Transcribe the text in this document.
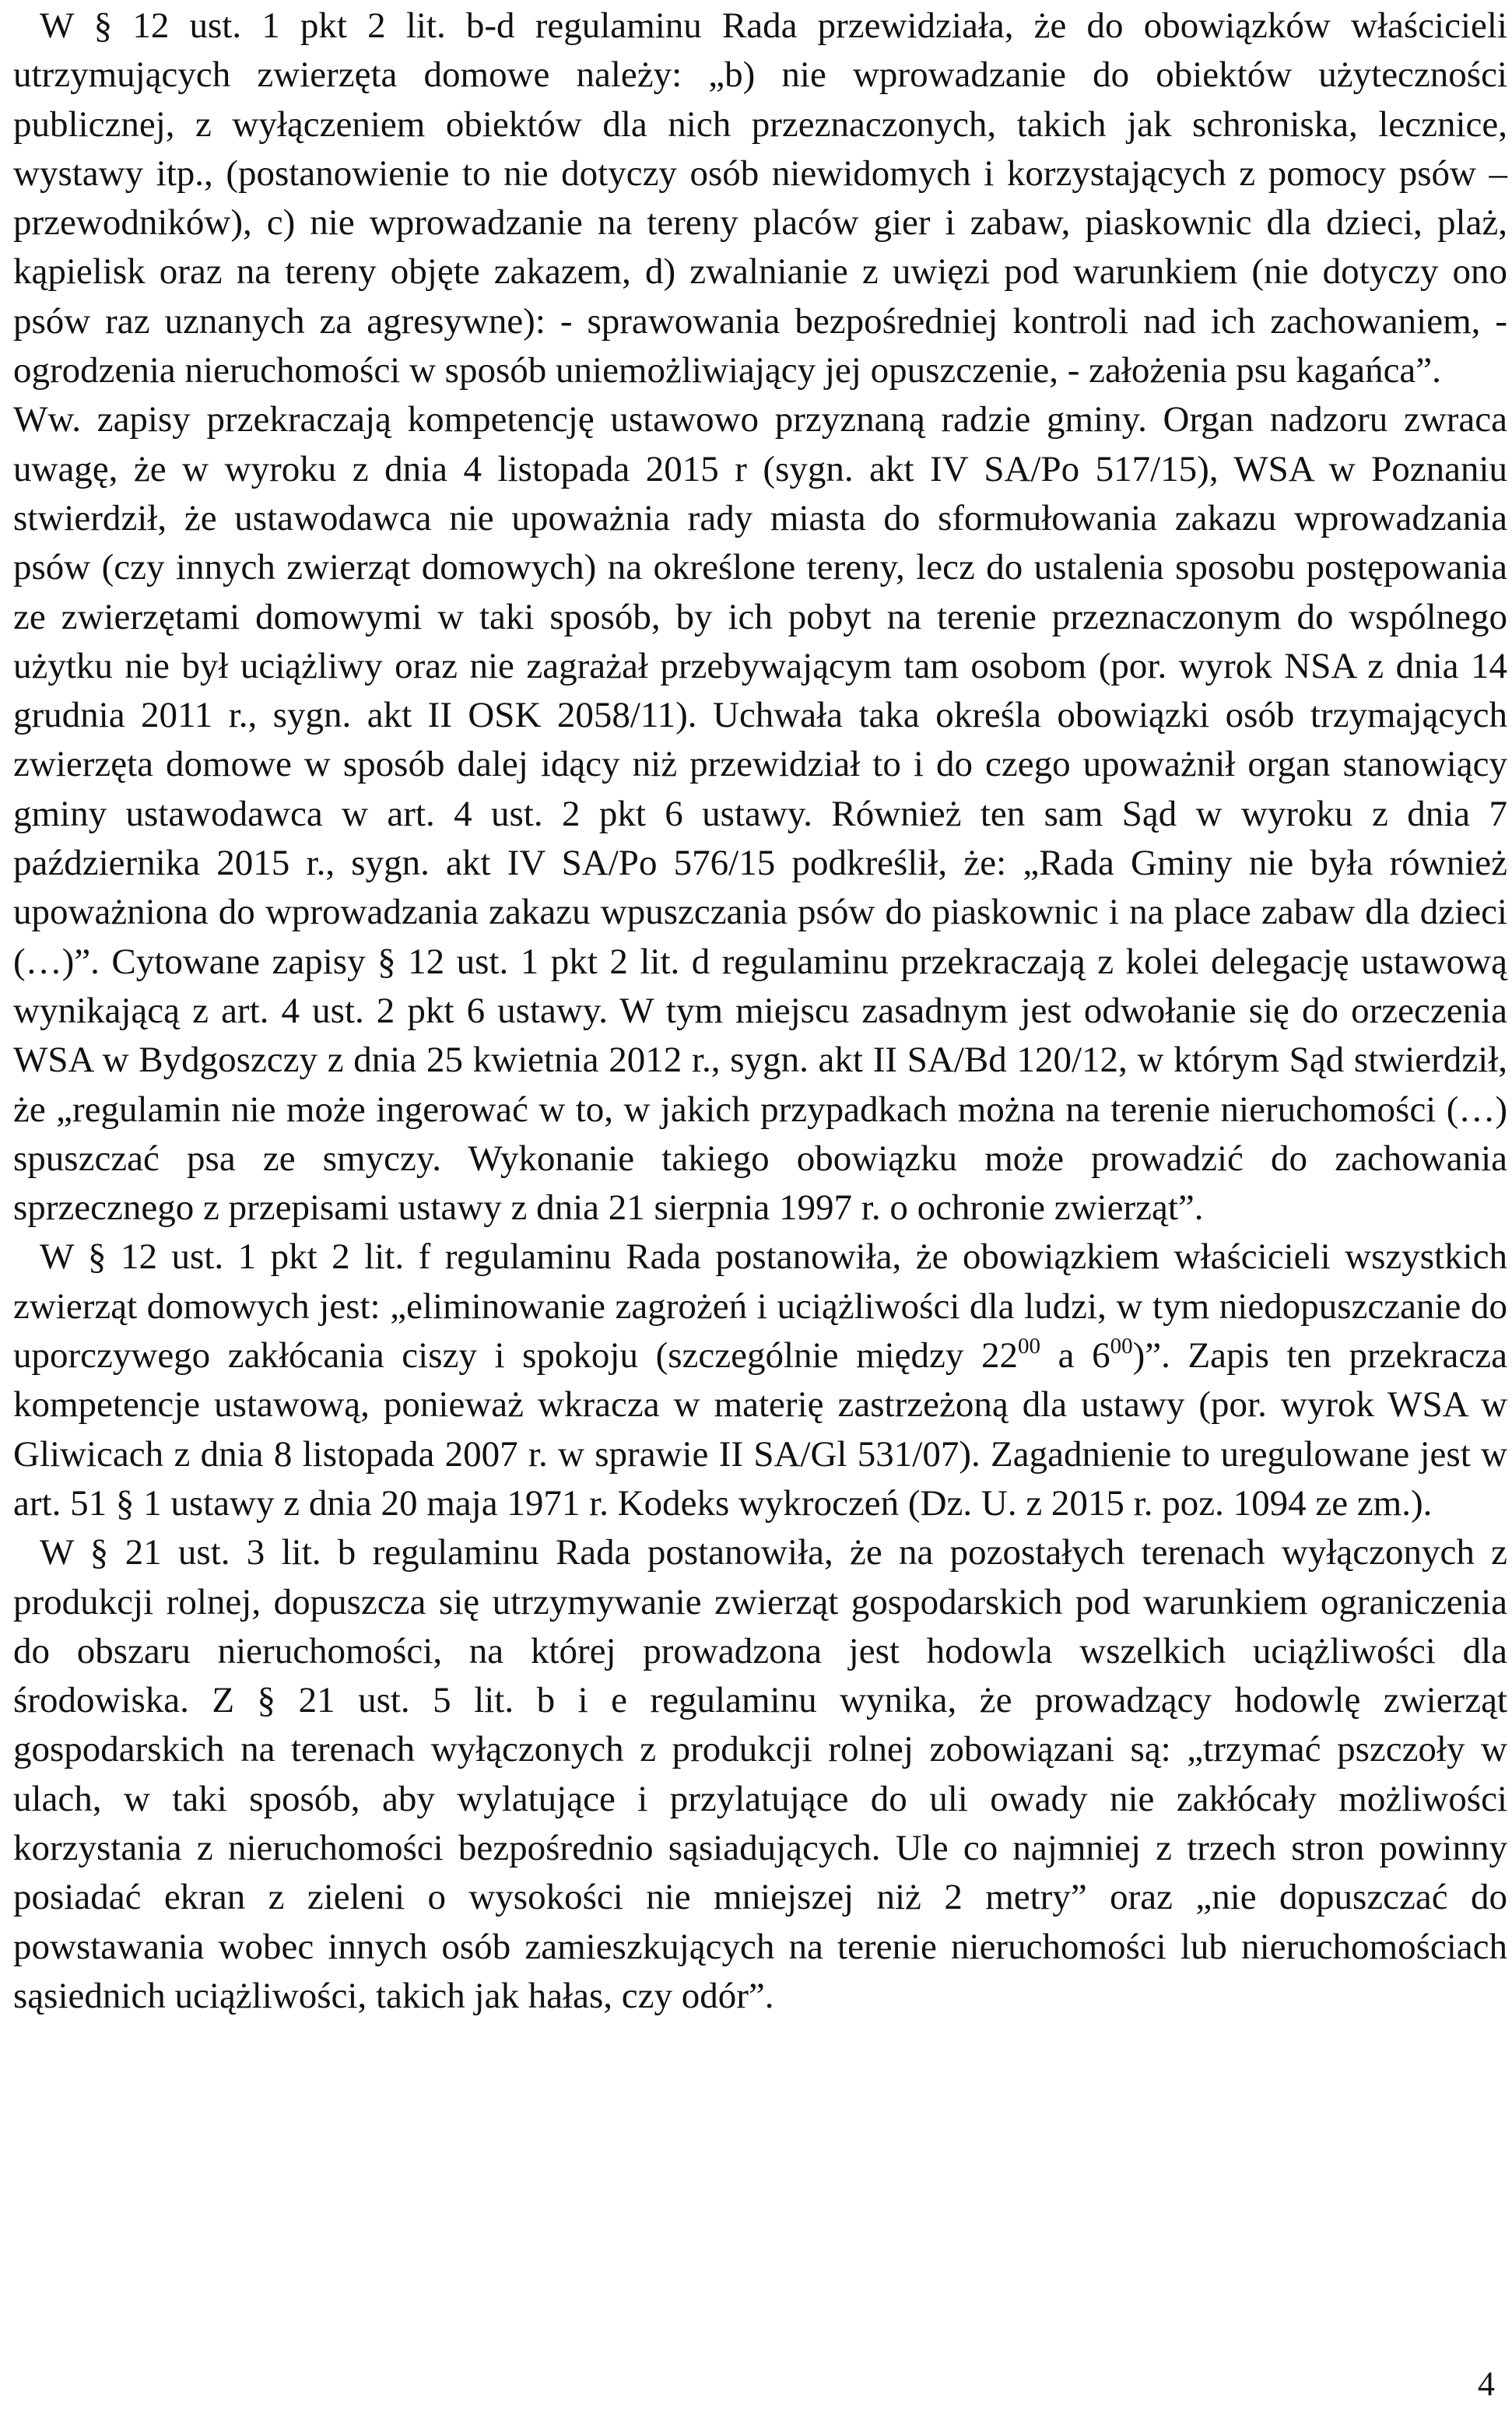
W § 12 ust. 1 pkt 2 lit. b-d regulaminu Rada przewidziała, że do obowiązków właścicieli utrzymujących zwierzęta domowe należy: „b) nie wprowadzanie do obiektów użyteczności publicznej, z wyłączeniem obiektów dla nich przeznaczonych, takich jak schroniska, lecznice, wystawy itp., (postanowienie to nie dotyczy osób niewidomych i korzystających z pomocy psów – przewodników), c) nie wprowadzanie na tereny placów gier i zabaw, piaskownic dla dzieci, plaż, kąpielisk oraz na tereny objęte zakazem, d) zwalnianie z uwięzi pod warunkiem (nie dotyczy ono psów raz uznanych za agresywne): - sprawowania bezpośredniej kontroli nad ich zachowaniem, - ogrodzenia nieruchomości w sposób uniemożliwiający jej opuszczenie, - założenia psu kagańca”.

Ww. zapisy przekraczają kompetencję ustawowo przyznaną radzie gminy. Organ nadzoru zwraca uwagę, że w wyroku z dnia 4 listopada 2015 r (sygn. akt IV SA/Po 517/15), WSA w Poznaniu stwierdził, że ustawodawca nie upoważnia rady miasta do sformułowania zakazu wprowadzania psów (czy innych zwierząt domowych) na określone tereny, lecz do ustalenia sposobu postępowania ze zwierzętami domowymi w taki sposób, by ich pobyt na terenie przeznaczonym do wspólnego użytku nie był uciążliwy oraz nie zagrażał przebywającym tam osobom (por. wyrok NSA z dnia 14 grudnia 2011 r., sygn. akt II OSK 2058/11). Uchwała taka określa obowiązki osób trzymających zwierzęta domowe w sposób dalej idący niż przewidział to i do czego upoważnił organ stanowiący gminy ustawodawca w art. 4 ust. 2 pkt 6 ustawy. Również ten sam Sąd w wyroku z dnia 7 października 2015 r., sygn. akt IV SA/Po 576/15 podkreślił, że: „Rada Gminy nie była również upoważniona do wprowadzania zakazu wpuszczania psów do piaskownic i na place zabaw dla dzieci (…)”. Cytowane zapisy § 12 ust. 1 pkt 2 lit. d regulaminu przekraczają z kolei delegację ustawową wynikającą z art. 4 ust. 2 pkt 6 ustawy. W tym miejscu zasadnym jest odwołanie się do orzeczenia WSA w Bydgoszczy z dnia 25 kwietnia 2012 r., sygn. akt II SA/Bd 120/12, w którym Sąd stwierdził, że „regulamin nie może ingerować w to, w jakich przypadkach można na terenie nieruchomości (…) spuszczać psa ze smyczy. Wykonanie takiego obowiązku może prowadzić do zachowania sprzecznego z przepisami ustawy z dnia 21 sierpnia 1997 r. o ochronie zwierząt”.

W § 12 ust. 1 pkt 2 lit. f regulaminu Rada postanowiła, że obowiązkiem właścicieli wszystkich zwierząt domowych jest: „eliminowanie zagrożeń i uciążliwości dla ludzi, w tym niedopuszczanie do uporczywego zakłócania ciszy i spokoju (szczególnie między $22^{00}$ a $6^{00}$)”. Zapis ten przekracza kompetencje ustawową, ponieważ wkracza w materię zastrzeżoną dla ustawy (por. wyrok WSA w Gliwicach z dnia 8 listopada 2007 r. w sprawie II SA/Gl 531/07). Zagadnienie to uregulowane jest w art. 51 § 1 ustawy z dnia 20 maja 1971 r. Kodeks wykroczeń (Dz. U. z 2015 r. poz. 1094 ze zm.).

W § 21 ust. 3 lit. b regulaminu Rada postanowiła, że na pozostałych terenach wyłączonych z produkcji rolnej, dopuszcza się utrzymywanie zwierząt gospodarskich pod warunkiem ograniczenia do obszaru nieruchomości, na której prowadzona jest hodowla wszelkich uciążliwości dla środowiska. Z § 21 ust. 5 lit. b i e regulaminu wynika, że prowadzący hodowlę zwierząt gospodarskich na terenach wyłączonych z produkcji rolnej zobowiązani są: „trzymać pszczoły w ulach, w taki sposób, aby wylatujące i przylatujące do uli owady nie zakłócały możliwości korzystania z nieruchomości bezpośrednio sąsiadujących. Ule co najmniej z trzech stron powinny posiadać ekran z zieleni o wysokości nie mniejszej niż 2 metry” oraz „nie dopuszczać do powstawania wobec innych osób zamieszkujących na terenie nieruchomości lub nieruchomościach sąsiednich uciążliwości, takich jak hałas, czy odór”.

4
